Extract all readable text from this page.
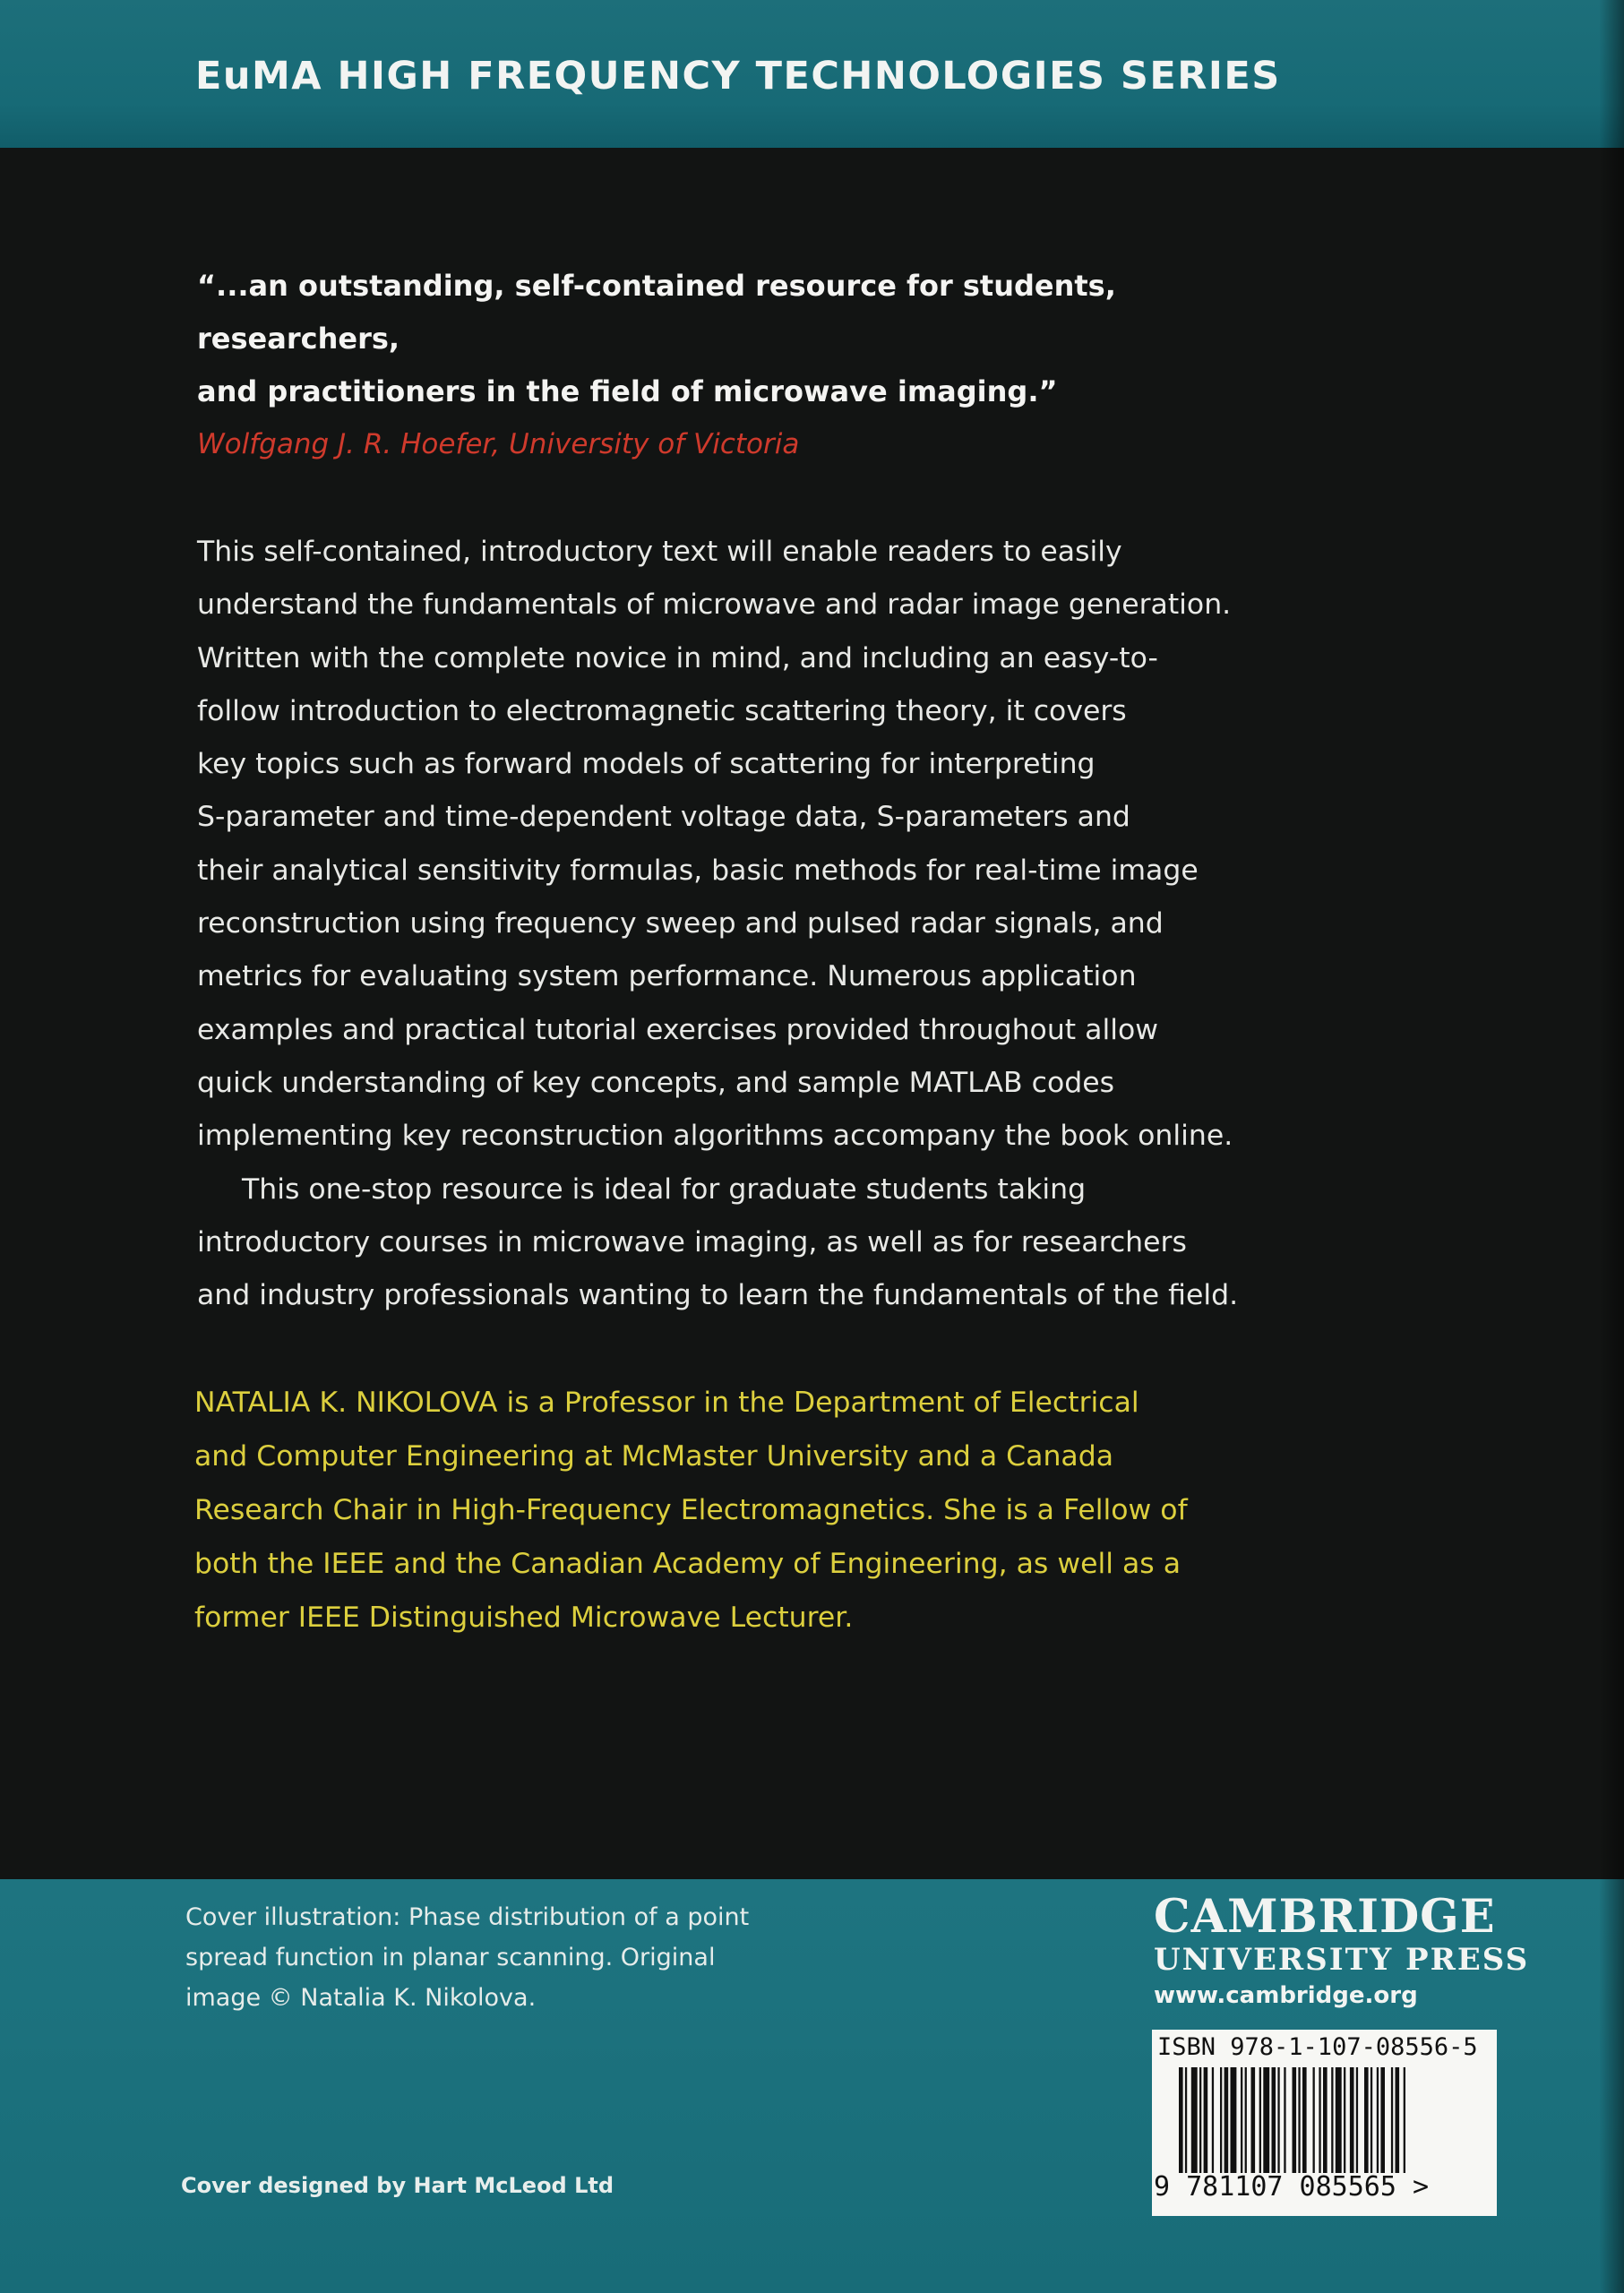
EuMA HIGH FREQUENCY TECHNOLOGIES SERIES

“...an outstanding, self-contained resource for students, researchers,

and practitioners in the field of microwave imaging.”

Wolfgang J. R. Hoefer, University of Victoria

This self-contained, introductory text will enable readers to easily
understand the fundamentals of microwave and radar image generation.
Written with the complete novice in mind, and including an easy-to-
follow introduction to electromagnetic scattering theory, it covers
key topics such as forward models of scattering for interpreting
S-parameter and time-dependent voltage data, S-parameters and
their analytical sensitivity formulas, basic methods for real-time image
reconstruction using frequency sweep and pulsed radar signals, and
metrics for evaluating system performance. Numerous application
examples and practical tutorial exercises provided throughout allow
quick understanding of key concepts, and sample MATLAB codes
implementing key reconstruction algorithms accompany the book online.
This one-stop resource is ideal for graduate students taking
introductory courses in microwave imaging, as well as for researchers
and industry professionals wanting to learn the fundamentals of the field.
NATALIA K. NIKOLOVA is a Professor in the Department of Electrical
and Computer Engineering at McMaster University and a Canada
Research Chair in High-Frequency Electromagnetics. She is a Fellow of
both the IEEE and the Canadian Academy of Engineering, as well as a
former IEEE Distinguished Microwave Lecturer.
Cover illustration: Phase distribution of a point
spread function in planar scanning. Original
image © Natalia K. Nikolova.
Cover designed by Hart McLeod Ltd
CAMBRIDGE
UNIVERSITY PRESS
www.cambridge.org
ISBN 978-1-107-08556-5
9 781107 085565 >
